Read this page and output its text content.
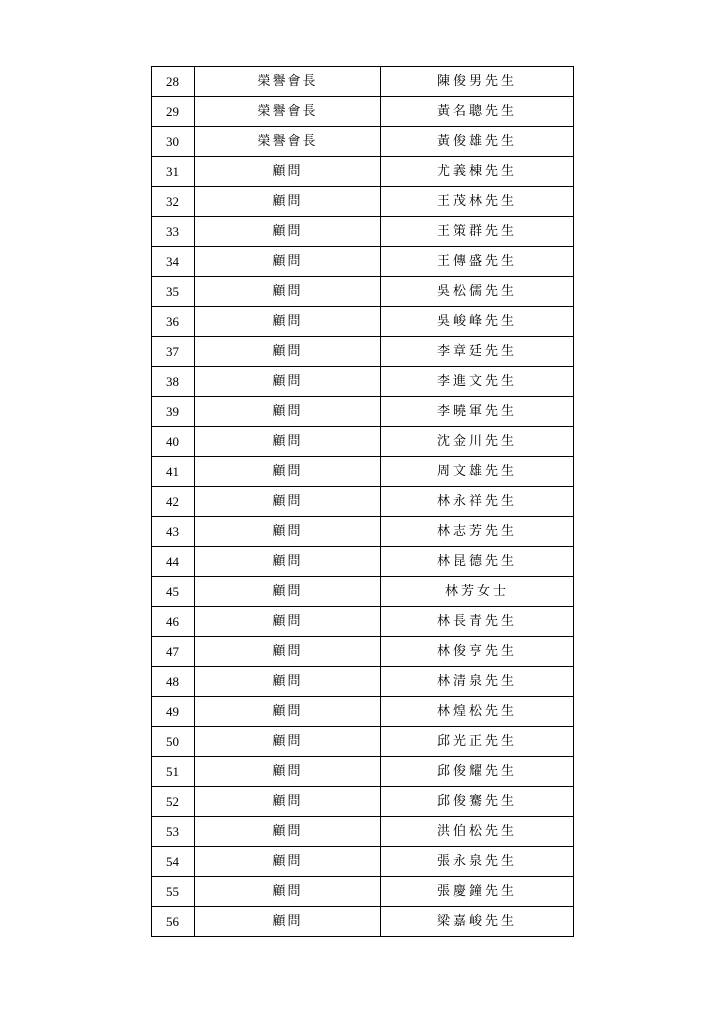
28	榮譽會長	陳俊男先生
29	榮譽會長	黃名聰先生
30	榮譽會長	黃俊雄先生
31	顧問	尤義棟先生
32	顧問	王茂林先生
33	顧問	王策群先生
34	顧問	王傳盛先生
35	顧問	吳松儒先生
36	顧問	吳峻峰先生
37	顧問	李章廷先生
38	顧問	李進文先生
39	顧問	李曉軍先生
40	顧問	沈金川先生
41	顧問	周文雄先生
42	顧問	林永祥先生
43	顧問	林志芳先生
44	顧問	林昆德先生
45	顧問	林芳女士
46	顧問	林長青先生
47	顧問	林俊亨先生
48	顧問	林清泉先生
49	顧問	林煌松先生
50	顧問	邱光正先生
51	顧問	邱俊耀先生
52	顧問	邱俊騫先生
53	顧問	洪伯松先生
54	顧問	張永泉先生
55	顧問	張慶鐘先生
56	顧問	梁嘉峻先生
